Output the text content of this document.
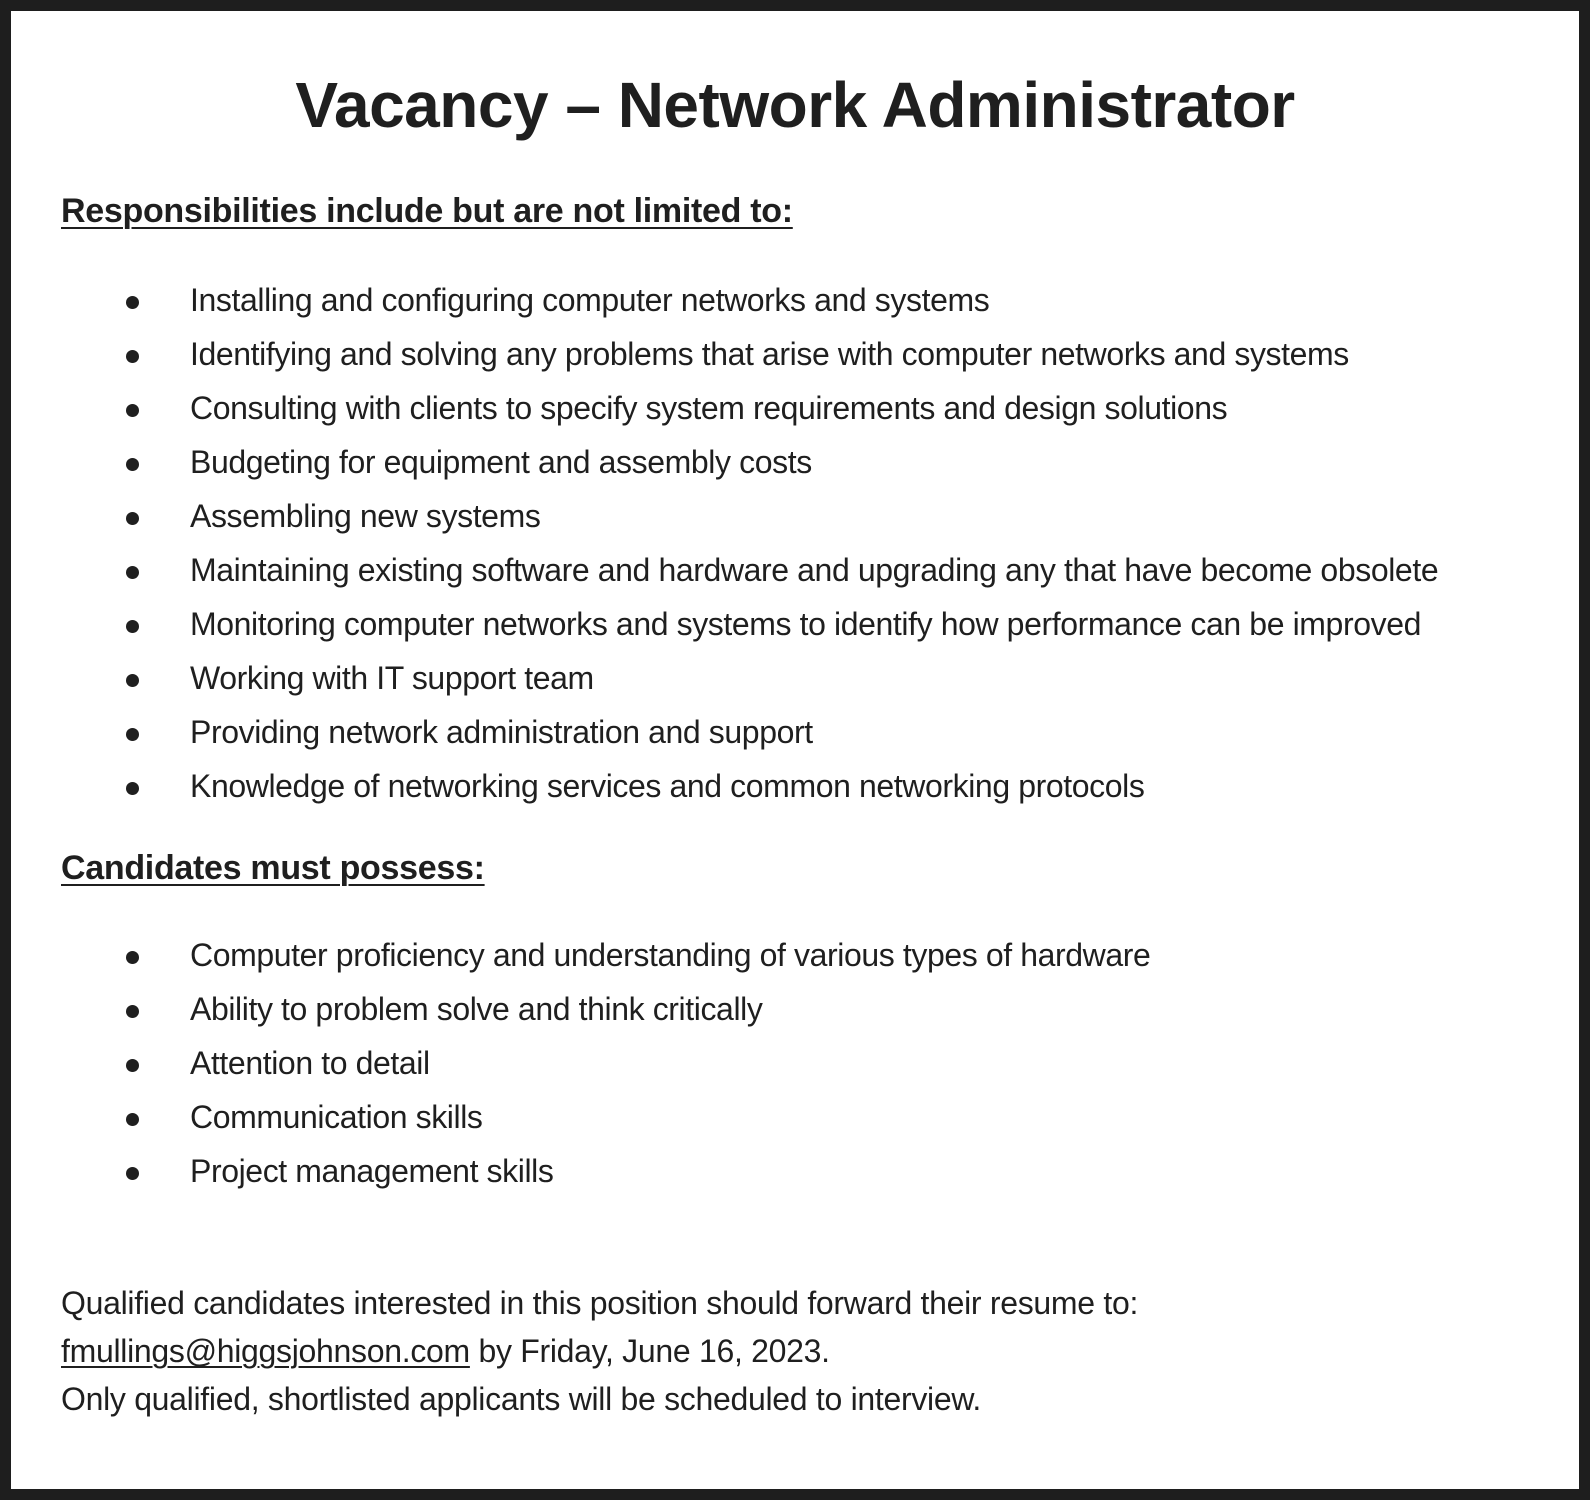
Vacancy – Network Administrator
Responsibilities include but are not limited to:
Installing and configuring computer networks and systems
Identifying and solving any problems that arise with computer networks and systems
Consulting with clients to specify system requirements and design solutions
Budgeting for equipment and assembly costs
Assembling new systems
Maintaining existing software and hardware and upgrading any that have become obsolete
Monitoring computer networks and systems to identify how performance can be improved
Working with IT support team
Providing network administration and support
Knowledge of networking services and common networking protocols
Candidates must possess:
Computer proficiency and understanding of various types of hardware
Ability to problem solve and think critically
Attention to detail
Communication skills
Project management skills
Qualified candidates interested in this position should forward their resume to:
fmullings@higgsjohnson.com by Friday, June 16, 2023.
Only qualified, shortlisted applicants will be scheduled to interview.
